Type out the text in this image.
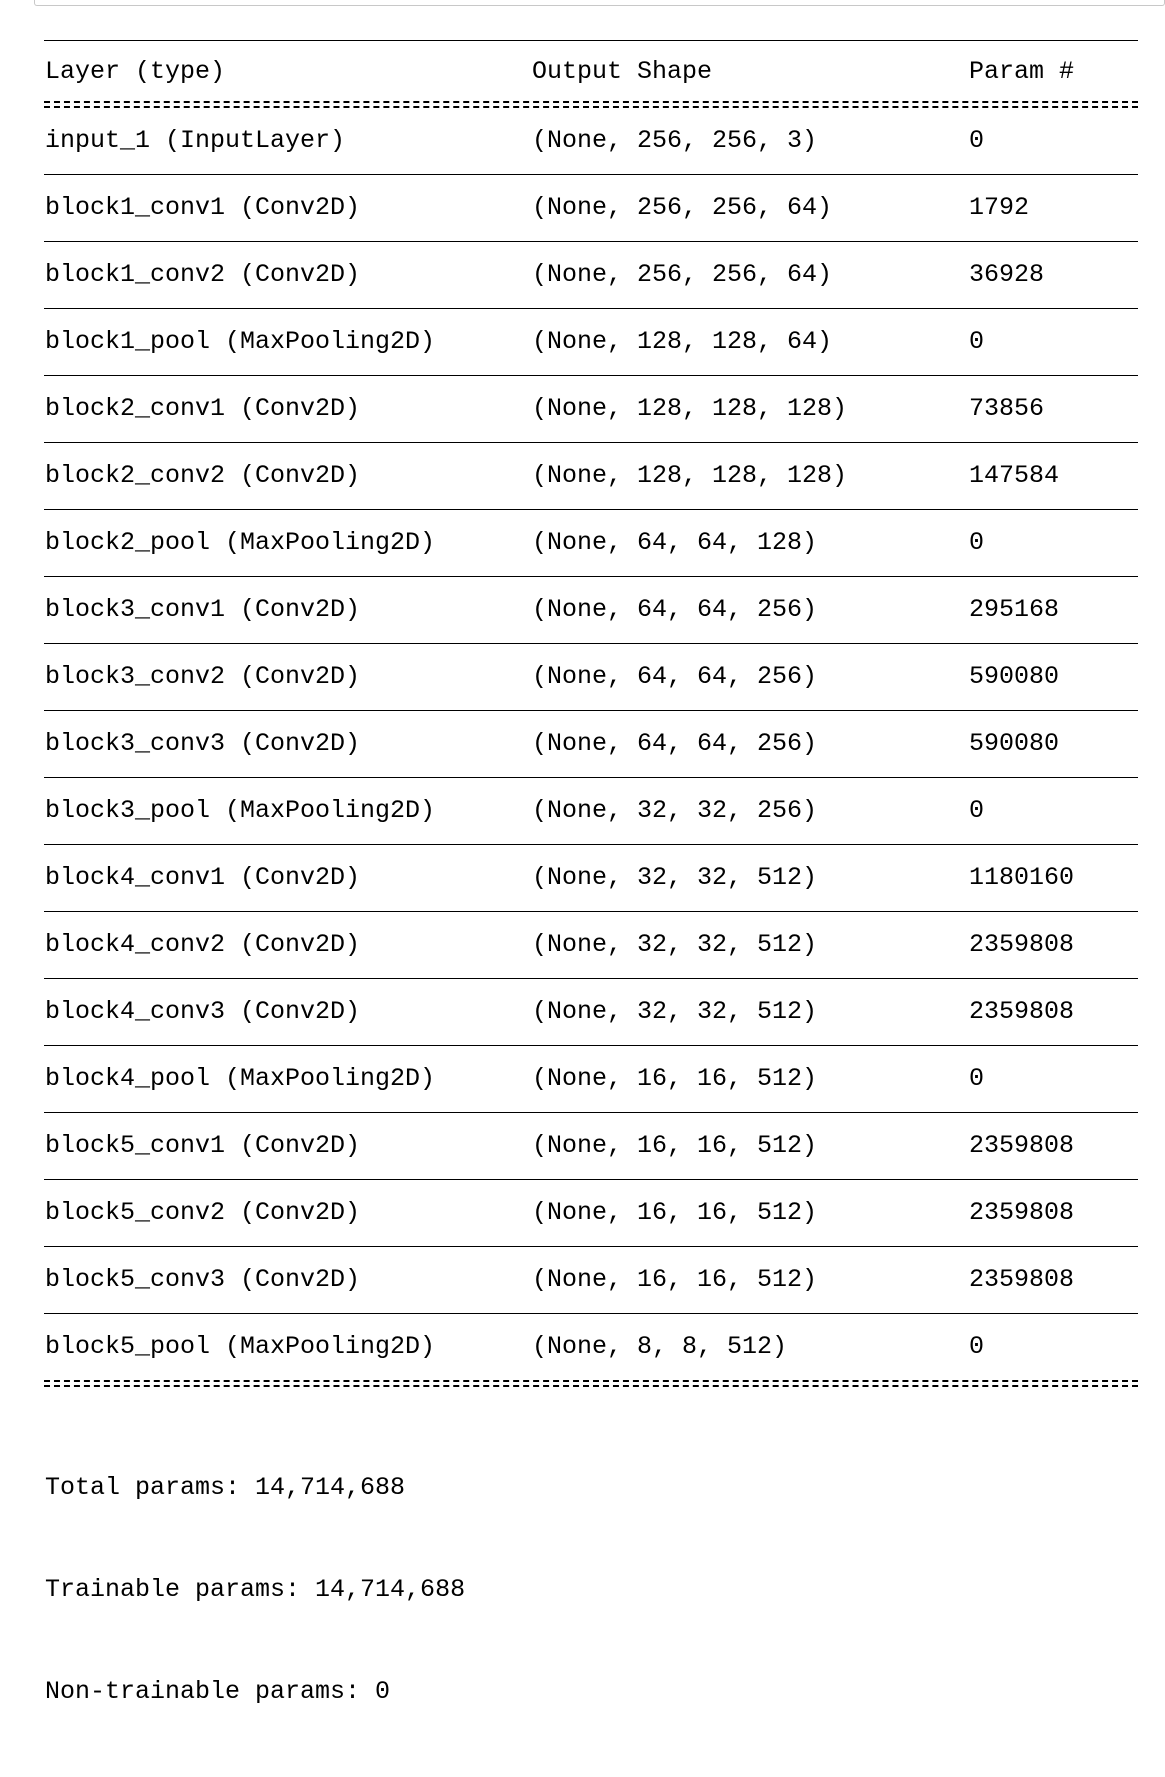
Layer (type)	Output Shape	Param #
input_1 (InputLayer)	(None, 256, 256, 3)	0
block1_conv1 (Conv2D)	(None, 256, 256, 64)	1792
block1_conv2 (Conv2D)	(None, 256, 256, 64)	36928
block1_pool (MaxPooling2D)	(None, 128, 128, 64)	0
block2_conv1 (Conv2D)	(None, 128, 128, 128)	73856
block2_conv2 (Conv2D)	(None, 128, 128, 128)	147584
block2_pool (MaxPooling2D)	(None, 64, 64, 128)	0
block3_conv1 (Conv2D)	(None, 64, 64, 256)	295168
block3_conv2 (Conv2D)	(None, 64, 64, 256)	590080
block3_conv3 (Conv2D)	(None, 64, 64, 256)	590080
block3_pool (MaxPooling2D)	(None, 32, 32, 256)	0
block4_conv1 (Conv2D)	(None, 32, 32, 512)	1180160
block4_conv2 (Conv2D)	(None, 32, 32, 512)	2359808
block4_conv3 (Conv2D)	(None, 32, 32, 512)	2359808
block4_pool (MaxPooling2D)	(None, 16, 16, 512)	0
block5_conv1 (Conv2D)	(None, 16, 16, 512)	2359808
block5_conv2 (Conv2D)	(None, 16, 16, 512)	2359808
block5_conv3 (Conv2D)	(None, 16, 16, 512)	2359808
block5_pool (MaxPooling2D)	(None, 8, 8, 512)	0

Total params: 14,714,688

Trainable params: 14,714,688

Non-trainable params: 0
